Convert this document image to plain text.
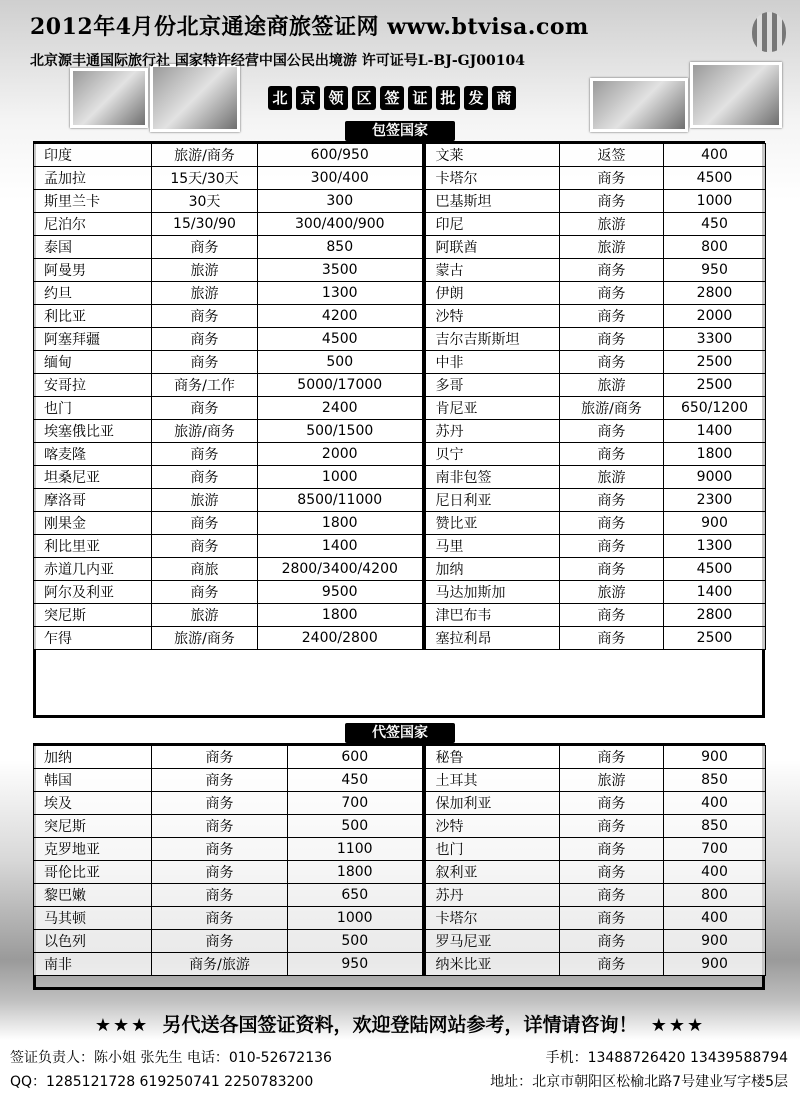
2012年4月份北京通途商旅签证网 www.btvisa.com
北京源丰通国际旅行社 国家特许经营中国公民出境游 许可证号L-BJ-GJ00104
北 京 领 区 签 证 批 发 商
包签国家
印度	旅游/商务	600/950	文莱	返签	400
孟加拉	15天/30天	300/400	卡塔尔	商务	4500
斯里兰卡	30天	300	巴基斯坦	商务	1000
尼泊尔	15/30/90	300/400/900	印尼	旅游	450
泰国	商务	850	阿联酋	旅游	800
阿曼男	旅游	3500	蒙古	商务	950
约旦	旅游	1300	伊朗	商务	2800
利比亚	商务	4200	沙特	商务	2000
阿塞拜疆	商务	4500	吉尔吉斯斯坦	商务	3300
缅甸	商务	500	中非	商务	2500
安哥拉	商务/工作	5000/17000	多哥	旅游	2500
也门	商务	2400	肯尼亚	旅游/商务	650/1200
埃塞俄比亚	旅游/商务	500/1500	苏丹	商务	1400
喀麦隆	商务	2000	贝宁	商务	1800
坦桑尼亚	商务	1000	南非包签	旅游	9000
摩洛哥	旅游	8500/11000	尼日利亚	商务	2300
刚果金	商务	1800	赞比亚	商务	900
利比里亚	商务	1400	马里	商务	1300
赤道几内亚	商旅	2800/3400/4200	加纳	商务	4500
阿尔及利亚	商务	9500	马达加斯加	旅游	1400
突尼斯	旅游	1800	津巴布韦	商务	2800
乍得	旅游/商务	2400/2800	塞拉利昂	商务	2500
代签国家
加纳	商务	600	秘鲁	商务	900
韩国	商务	450	土耳其	旅游	850
埃及	商务	700	保加利亚	商务	400
突尼斯	商务	500	沙特	商务	850
克罗地亚	商务	1100	也门	商务	700
哥伦比亚	商务	1800	叙利亚	商务	400
黎巴嫩	商务	650	苏丹	商务	800
马其顿	商务	1000	卡塔尔	商务	400
以色列	商务	500	罗马尼亚	商务	900
南非	商务/旅游	950	纳米比亚	商务	900
★★★ 另代送各国签证资料，欢迎登陆网站参考，详情请咨询！ ★★★
签证负责人：陈小姐 张先生 电话：010-52672136	手机：13488726420 13439588794
QQ：1285121728 619250741 2250783200	地址：北京市朝阳区松榆北路7号建业写字楼5层
